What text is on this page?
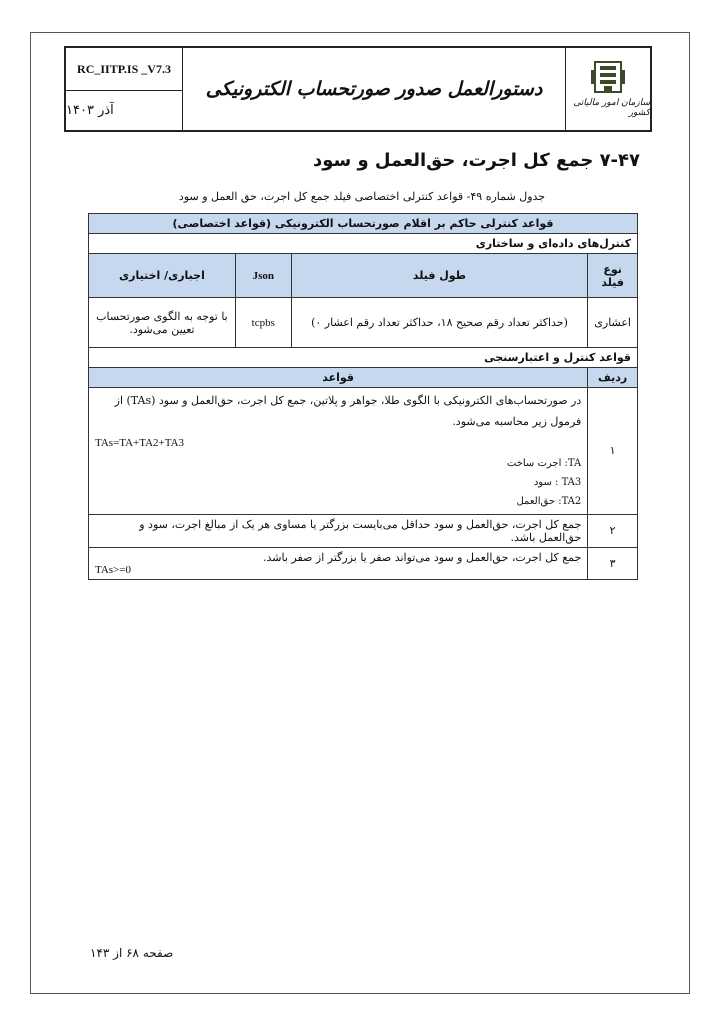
RC_IITP.IS _V7.3
آذر ۱۴۰۳
دستورالعمل صدور صورتحساب الکترونیکی
سازمان امور مالیاتی کشور
۷-۴۷ جمع کل اجرت، حق‌العمل و سود
جدول شماره ۴۹- قواعد کنترلی اختصاصی فیلد جمع کل اجرت، حق العمل و سود
قواعد کنترلی حاکم بر اقلام صورتحساب الکترونیکی (قواعد اختصاصی)			
کنترل‌های داده‌ای و ساختاری			
نوع فیلد	طول فیلد	Json	اجباری/ اختیاری
اعشاری	(حداکثر تعداد رقم صحیح ۱۸، حداکثر تعداد رقم اعشار ۰)	tcpbs	با توجه به الگوی صورتحساب تعیین می‌شود.
قواعد کنترل و اعتبارسنجی			
ردیف	قواعد		
۱	در صورتحساب‌های الکترونیکی با الگوی طلا، جواهر و پلاتین، جمع کل اجرت، حق‌العمل و سود (TAs) از فرمول زیر محاسبه می‌شود.
TAs=TA+TA2+TA3
TA: اجرت ساخت
TA3 : سود
TA2: حق‌العمل		

۲	جمع کل اجرت، حق‌العمل و سود حداقل می‌بایست بزرگتر یا مساوی هر یک از مبالغ اجرت، سود و حق‌العمل باشد.		
۳	جمع کل اجرت، حق‌العمل و سود می‌تواند صفر یا بزرگتر از صفر باشد.
TAs>=0		
صفحه ۶۸ از ۱۴۳
